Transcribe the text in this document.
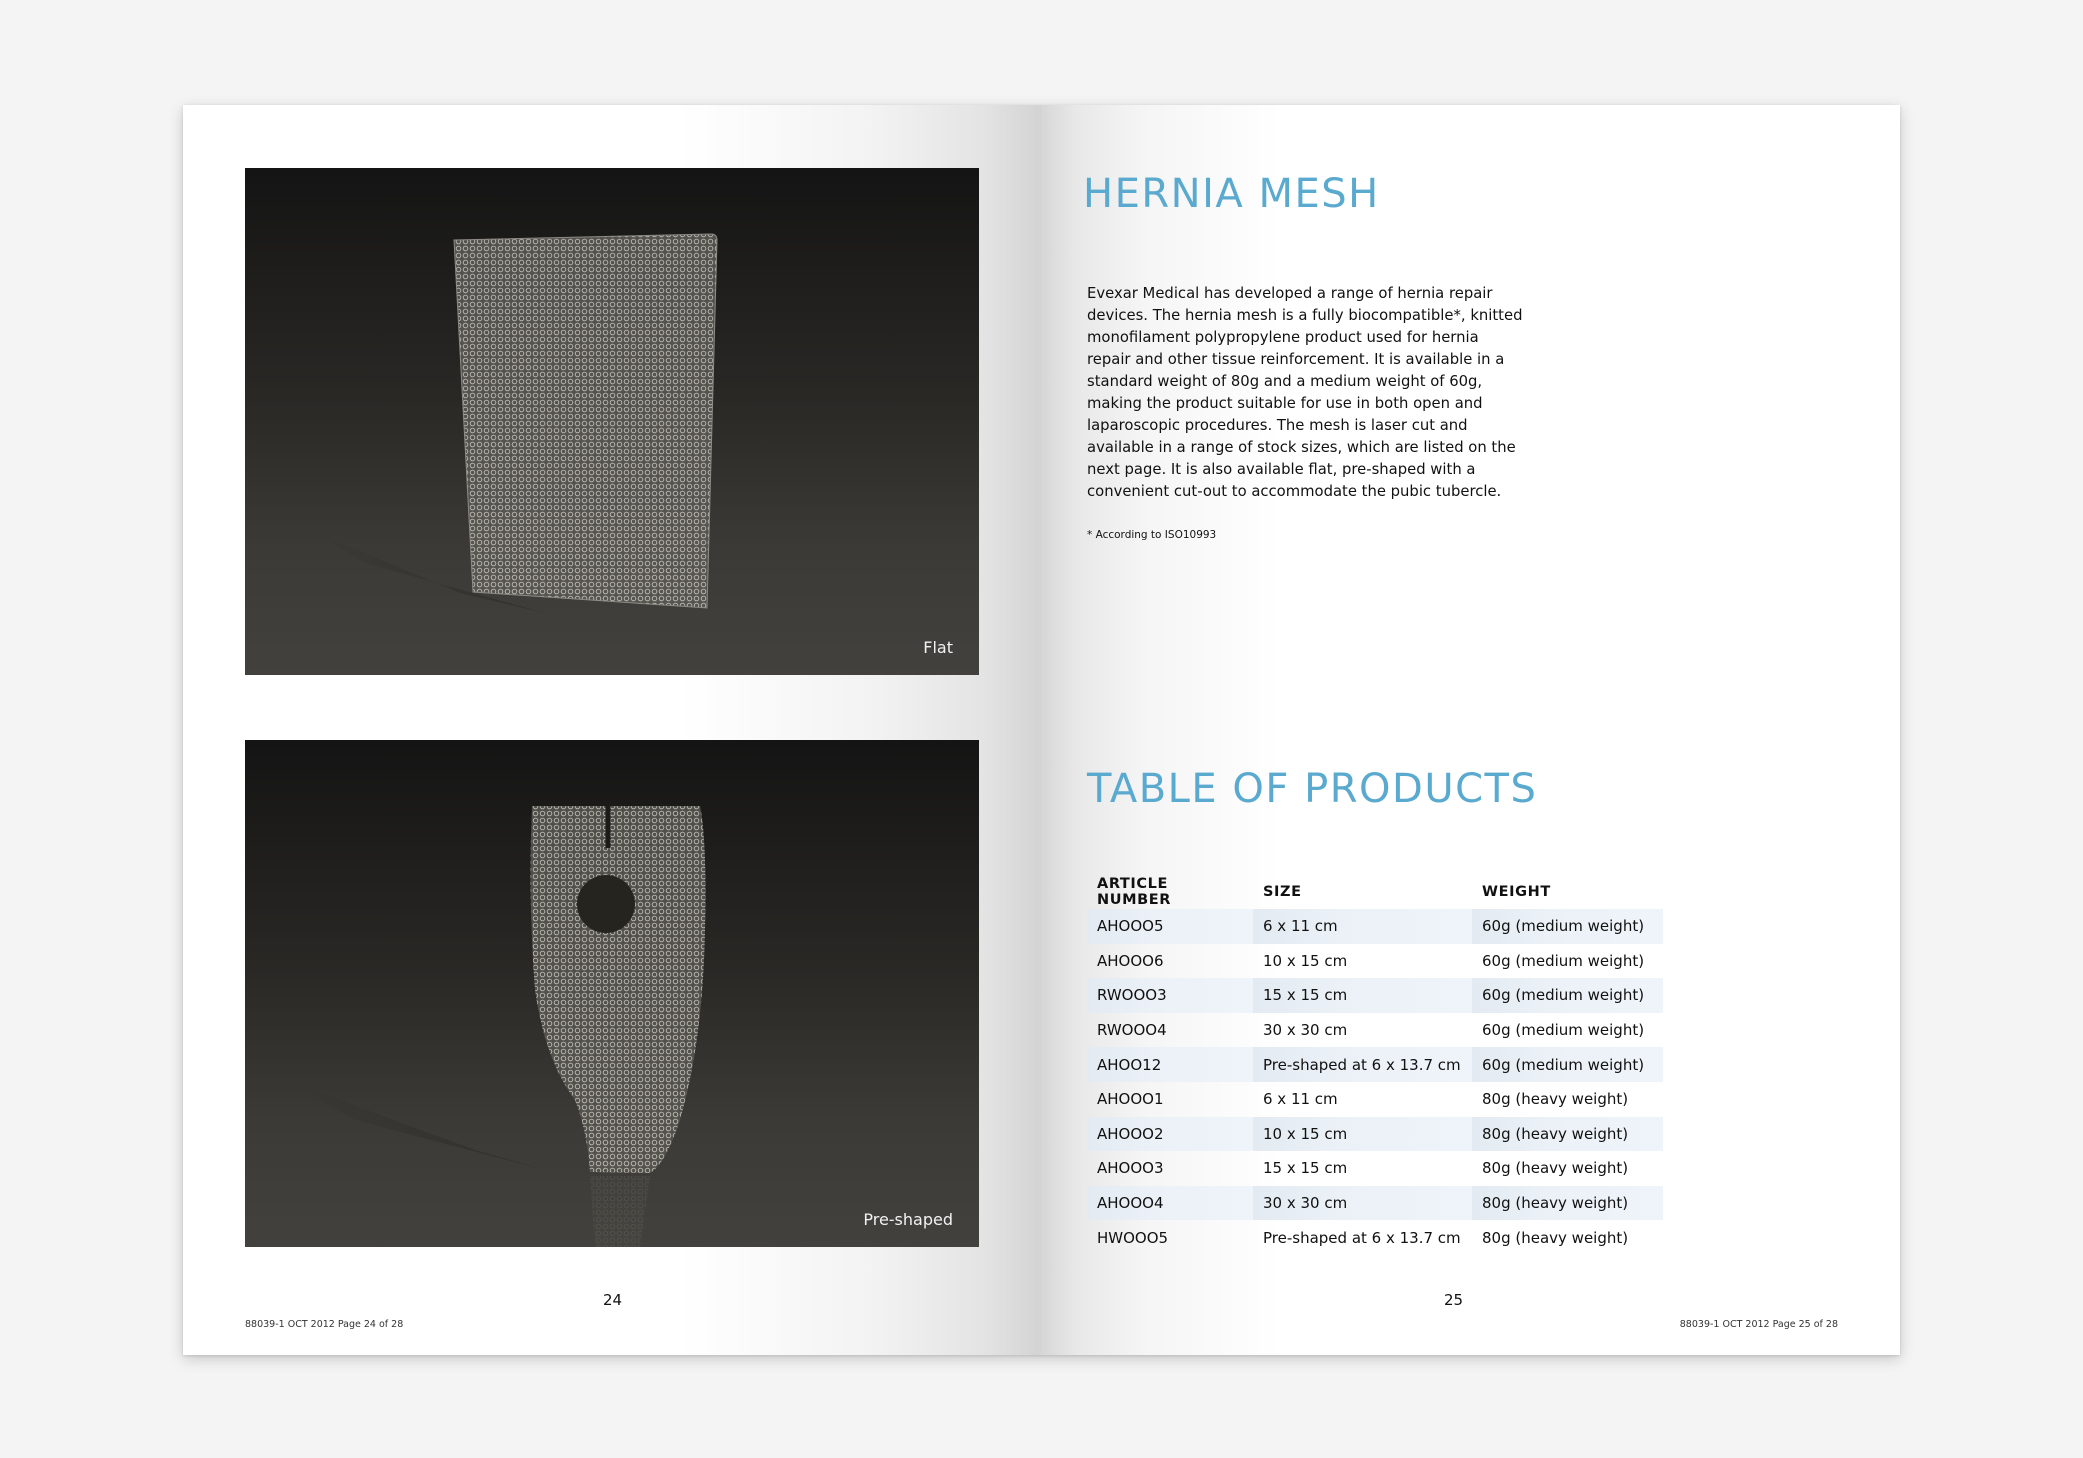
Flat
Pre-shaped
24
88039-1 OCT 2012 Page 24 of 28
HERNIA MESH
Evexar Medical has developed a range of hernia repair
devices. The hernia mesh is a fully biocompatible*, knitted
monofilament polypropylene product used for hernia
repair and other tissue reinforcement. It is available in a
standard weight of 80g and a medium weight of 60g,
making the product suitable for use in both open and
laparoscopic procedures. The mesh is laser cut and
available in a range of stock sizes, which are listed on the
next page. It is also available flat, pre-shaped with a
convenient cut-out to accommodate the pubic tubercle.
* According to ISO10993
TABLE OF PRODUCTS
ARTICLE NUMBER	SIZE	WEIGHT
AHOOO5	6 x 11 cm	60g (medium weight)
AHOOO6	10 x 15 cm	60g (medium weight)
RWOOO3	15 x 15 cm	60g (medium weight)
RWOOO4	30 x 30 cm	60g (medium weight)
AHOO12	Pre-shaped at 6 x 13.7 cm	60g (medium weight)
AHOOO1	6 x 11 cm	80g (heavy weight)
AHOOO2	10 x 15 cm	80g (heavy weight)
AHOOO3	15 x 15 cm	80g (heavy weight)
AHOOO4	30 x 30 cm	80g (heavy weight)
HWOOO5	Pre-shaped at 6 x 13.7 cm	80g (heavy weight)
25
88039-1 OCT 2012 Page 25 of 28
